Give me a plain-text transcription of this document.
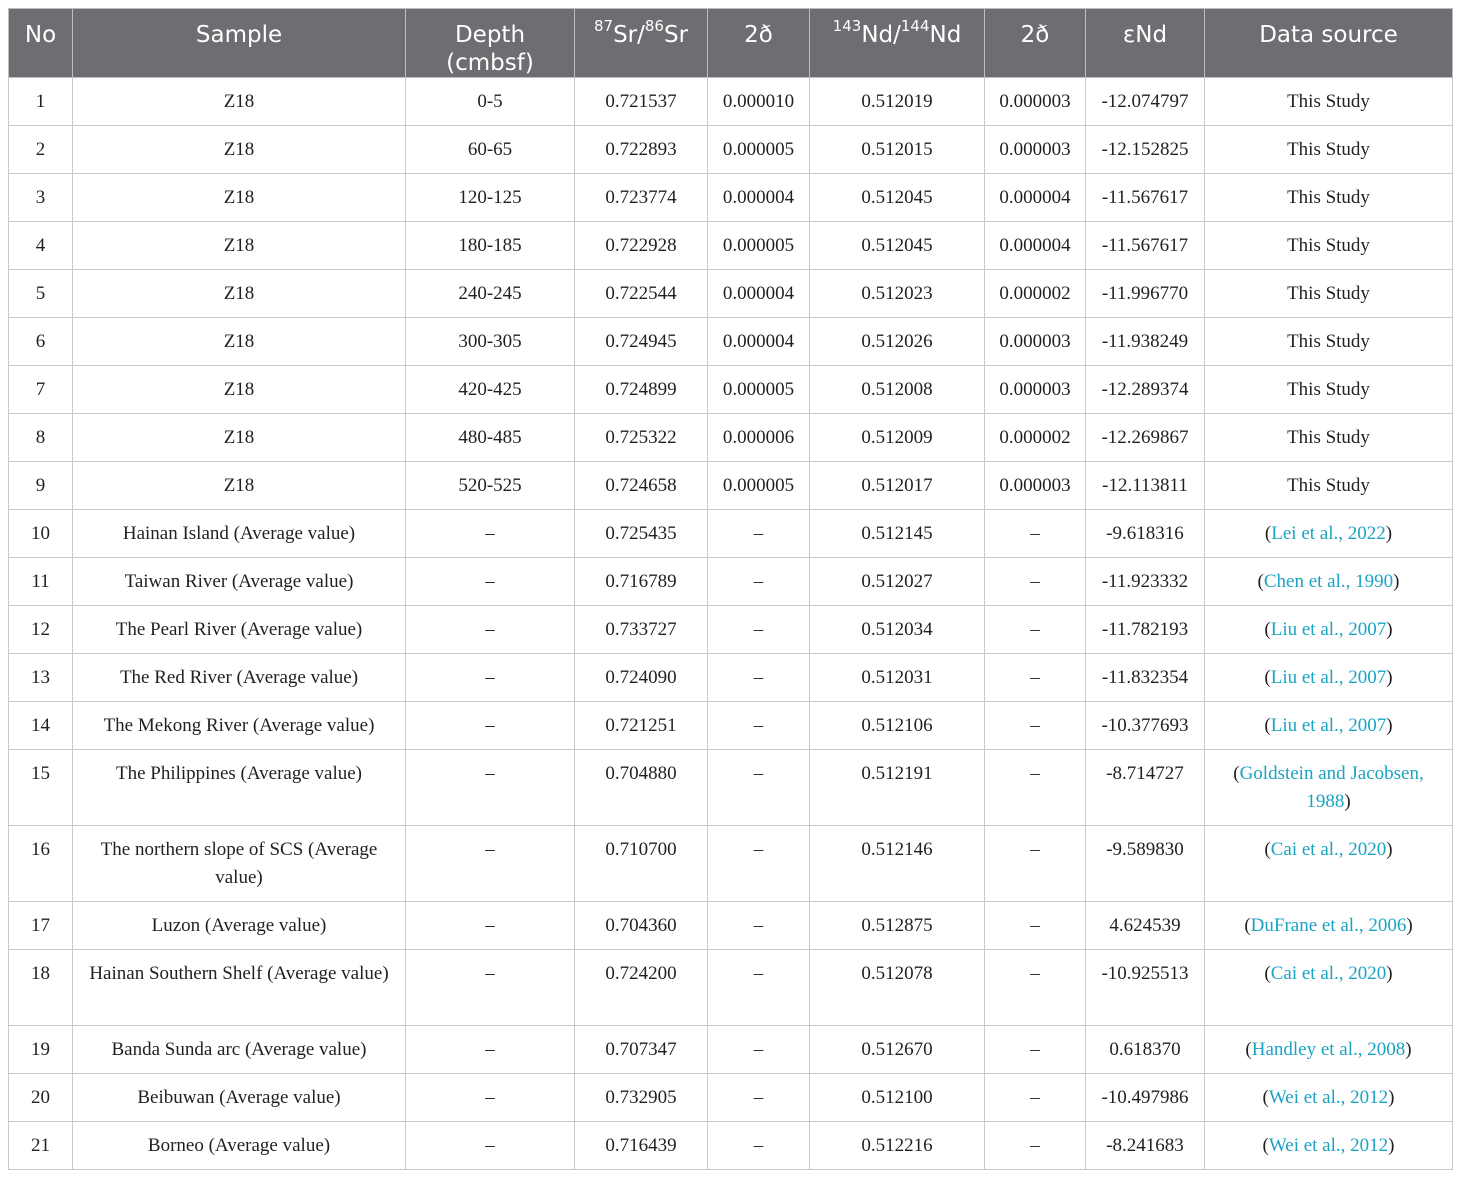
No	Sample	Depth (cmbsf)	$^{87}$Sr/$^{86}$Sr	2ð	$^{143}$Nd/$^{144}$Nd	2ð	εNd	Data source
1	Z18	0-5	0.721537	0.000010	0.512019	0.000003	-12.074797	This Study
2	Z18	60-65	0.722893	0.000005	0.512015	0.000003	-12.152825	This Study
3	Z18	120-125	0.723774	0.000004	0.512045	0.000004	-11.567617	This Study
4	Z18	180-185	0.722928	0.000005	0.512045	0.000004	-11.567617	This Study
5	Z18	240-245	0.722544	0.000004	0.512023	0.000002	-11.996770	This Study
6	Z18	300-305	0.724945	0.000004	0.512026	0.000003	-11.938249	This Study
7	Z18	420-425	0.724899	0.000005	0.512008	0.000003	-12.289374	This Study
8	Z18	480-485	0.725322	0.000006	0.512009	0.000002	-12.269867	This Study
9	Z18	520-525	0.724658	0.000005	0.512017	0.000003	-12.113811	This Study
10	Hainan Island (Average value)	–	0.725435	–	0.512145	–	-9.618316	(Lei et al., 2022)
11	Taiwan River (Average value)	–	0.716789	–	0.512027	–	-11.923332	(Chen et al., 1990)
12	The Pearl River (Average value)	–	0.733727	–	0.512034	–	-11.782193	(Liu et al., 2007)
13	The Red River (Average value)	–	0.724090	–	0.512031	–	-11.832354	(Liu et al., 2007)
14	The Mekong River (Average value)	–	0.721251	–	0.512106	–	-10.377693	(Liu et al., 2007)
15	The Philippines (Average value)	–	0.704880	–	0.512191	–	-8.714727	(Goldstein and Jacobsen, 1988)
16	The northern slope of SCS (Average value)	–	0.710700	–	0.512146	–	-9.589830	(Cai et al., 2020)
17	Luzon (Average value)	–	0.704360	–	0.512875	–	4.624539	(DuFrane et al., 2006)
18	Hainan Southern Shelf (Average value)	–	0.724200	–	0.512078	–	-10.925513	(Cai et al., 2020)
19	Banda Sunda arc (Average value)	–	0.707347	–	0.512670	–	0.618370	(Handley et al., 2008)
20	Beibuwan (Average value)	–	0.732905	–	0.512100	–	-10.497986	(Wei et al., 2012)
21	Borneo (Average value)	–	0.716439	–	0.512216	–	-8.241683	(Wei et al., 2012)
